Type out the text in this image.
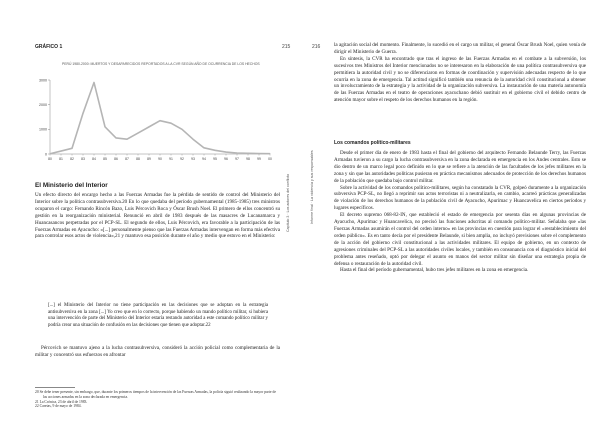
215
Capítulo 3 · Los actores del conflicto
GRÁFICO 1
PERÚ 1980-2000: MUERTOS Y DESAPARECIDOS REPORTADOS A LA CVR SEGÚN AÑO DE OCURRENCIA DE LOS HECHOS
0
1000
2000
3000
80 81 82 83 84 85 86 87 88 89 90 91 92 93 94 95 96 97 98 99 00
El Ministerio del Interior

Un efecto directo del encargo hecho a las Fuerzas Armadas fue la pérdida de sentido de control del Ministerio del Interior sobre la política contrasubversiva.20 En lo que quedaba del período gubernamental (1985-1985) tres ministros ocuparon el cargo: Fernando Rincón Bazo, Luis Pércovich Roca y Óscar Brush Noel. El primero de ellos concentró su gestión en la reorganización ministerial. Renunció en abril de 1983 después de las masacres de Lucanamarca y Huancasancos perpetradas por el PCP-SL. El segundo de ellos, Luis Pércovich, era favorable a la participación de las Fuerzas Armadas en Ayacucho: «[...] personalmente pienso que las Fuerzas Armadas intervengan en forma más efectiva para controlar esos actos de violencia»,21 y mantuvo esa posición durante el año y medio que estuvo en el Ministerio:

[...] el Ministerio del Interior no tiene participación en las decisiones que se adoptan en la estrategia antisubversiva en la zona [...] Yo creo que en lo correcto, porque habiendo un mando político militar, si hubiera una intervención de parte del Ministerio del Interior estaría restando autoridad a este comando político militar y podría crear una situación de confusión en las decisiones que tienen que adoptar.22

Pércovich se mantuvo ajeno a la lucha contrasubversiva, consideró la acción policial como complementaria de la militar y concentró sus esfuerzos en afrontar

20 Se debe tener presente, sin embargo, que, durante los primeros tiempos de la intervención de las Fuerzas Armadas, la policía siguió realizando la mayor parte de las acciones armadas en la zona declarada en emergencia.
21 La Crónica, 23 de abril de 1983.
22 Caretas, 9 de mayo de 1984.
216
Informe final · La violencia y sus responsables

la agitación social del momento. Finalmente, lo sucedió en el cargo un militar, el general Óscar Brush Noel, quien venía de dirigir el Ministerio de Guerra.

En síntesis, la CVR ha encontrado que tras el ingreso de las Fuerzas Armadas en el combate a la subversión, los sucesivos tres Ministros del Interior mencionados no se interesaron en la elaboración de una política contrasubversiva que permitiera la autoridad civil y no se diferenciaron en formas de coordinación y supervisión adecuadas respecto de lo que ocurría en la zona de emergencia. Tal actitud significó también una renuncia de la autoridad civil constitucional a obtener un involucramiento de la estrategia y la actividad de la organización subversiva. La instauración de una materia autonomía de las Fuerzas Armadas en el teatro de operaciones ayacuchano debió sustituir en el gobierno civil el debido centro de atención mayor sobre el respeto de los derechos humanos en la región.

Los comandos político-militares

Desde el primer día de enero de 1983 hasta el final del gobierno del arquitecto Fernando Belaunde Terry, las Fuerzas Armadas tuvieron a su cargo la lucha contrasubversiva en la zona declarada en emergencia en los Andes centrales. Esto se dio dentro de un marco legal poco definido en lo que se refiere a la atención de las facultades de los jefes militares en la zona y sin que las autoridades políticas pusieran en práctica mecanismos adecuados de protección de los derechos humanos de la población que quedaba bajo control militar.

Sobre la actividad de los comandos político-militares, según ha constatado la CVR, golpeó duramente a la organización subversiva PCP-SL, no llegó a reprimir sus actos terroristas ni a neutralizarla, en cambio, acarreó prácticas generalizadas de violación de los derechos humanos de la población civil de Ayacucho, Apurímac y Huancavelica en ciertos períodos y lugares específicos.

El decreto supremo 068-82-IN, que estableció el estado de emergencia por sesenta días en algunas provincias de Ayacucho, Apurímac y Huancavelica, no precisó las funciones adscritas al comando político-militar. Señalaba que «las Fuerzas Armadas asumirán el control del orden interno» en las provincias en cuestión para lograr el «restablecimiento del orden público». Es en tanto decía por el presidente Belaunde, si bien amplia, no incluyó previsiones sobre el complemento de la acción del gobierno civil constitucional a las actividades militares. El equipo de gobierno, en un contexto de agresiones criminales del PCP-SL a las autoridades civiles locales, y también en consonancia con el diagnóstico inicial del problema antes reseñado, optó por delegar el asunto en manos del sector militar sin diseñar una estrategia propia de defensa o restauración de la autoridad civil.

Hasta el final del período gubernamental, hubo tres jefes militares en la zona en emergencia.
